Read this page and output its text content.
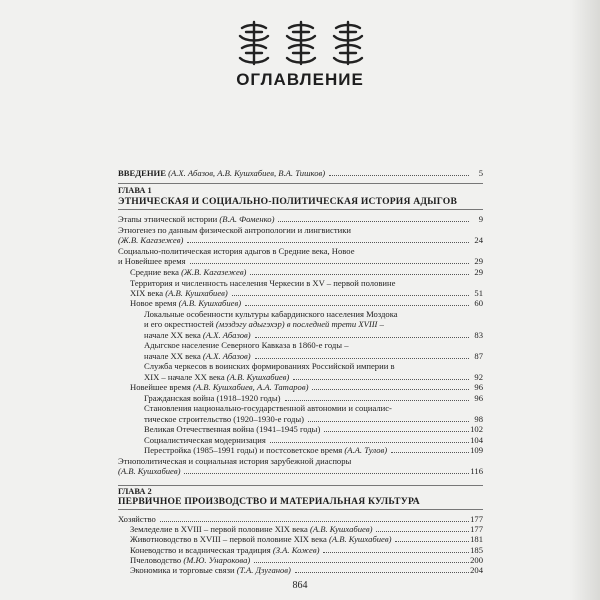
ОГЛАВЛЕНИЕ
ВВЕДЕНИЕ (А.Х. Абазов, А.В. Кушхабиев, В.А. Тишков)	5
ГЛАВА 1
ЭТНИЧЕСКАЯ И СОЦИАЛЬНО-ПОЛИТИЧЕСКАЯ ИСТОРИЯ АДЫГОВ
Этапы этнической истории (В.А. Фоменко)	9
Этногенез по данным физической антропологии и лингвистики
(Ж.В. Кагазежев)	24
Социально-политическая история адыгов в Средние века, Новое
и Новейшее время	29
Средние века (Ж.В. Кагазежев)	29
Территория и численность населения Черкесии в XV – первой половине
XIX века (А.В. Кушхабиев)	51
Новое время (А.В. Кушхабиев)	60
Локальные особенности культуры кабардинского населения Моздока
и его окрестностей (мэздэгу адыгэхэр) в последней трети XVIII –
начале XX века (А.Х. Абазов)	83
Адыгское население Северного Кавказа в 1860-е годы –
начале XX века (А.Х. Абазов)	87
Служба черкесов в воинских формированиях Российской империи в
XIX – начале XX века (А.В. Кушхабиев)	92
Новейшее время (А.В. Кушхабиев, А.А. Татаров)	96
Гражданская война (1918–1920 годы)	96
Становления национально-государственной автономии и социалис-
тическое строительство (1920–1930-е годы)	98
Великая Отечественная война (1941–1945 годы)	102
Социалистическая модернизация	104
Перестройка (1985–1991 годы) и постсоветское время (А.А. Тулов)	109
Этнополитическая и социальная история зарубежной диаспоры
(А.В. Кушхабиев)	116
ГЛАВА 2
ПЕРВИЧНОЕ ПРОИЗВОДСТВО И МАТЕРИАЛЬНАЯ КУЛЬТУРА
Хозяйство	177
Земледелие в XVIII – первой половине XIX века (А.В. Кушхабиев)	177
Животноводство в XVIII – первой половине XIX века (А.В. Кушхабиев)	181
Коневодство и всадническая традиция (З.А. Кожев)	185
Пчеловодство (М.Ю. Унарокова)	200
Экономика и торговые связи (Т.А. Дзуганов)	204
864
